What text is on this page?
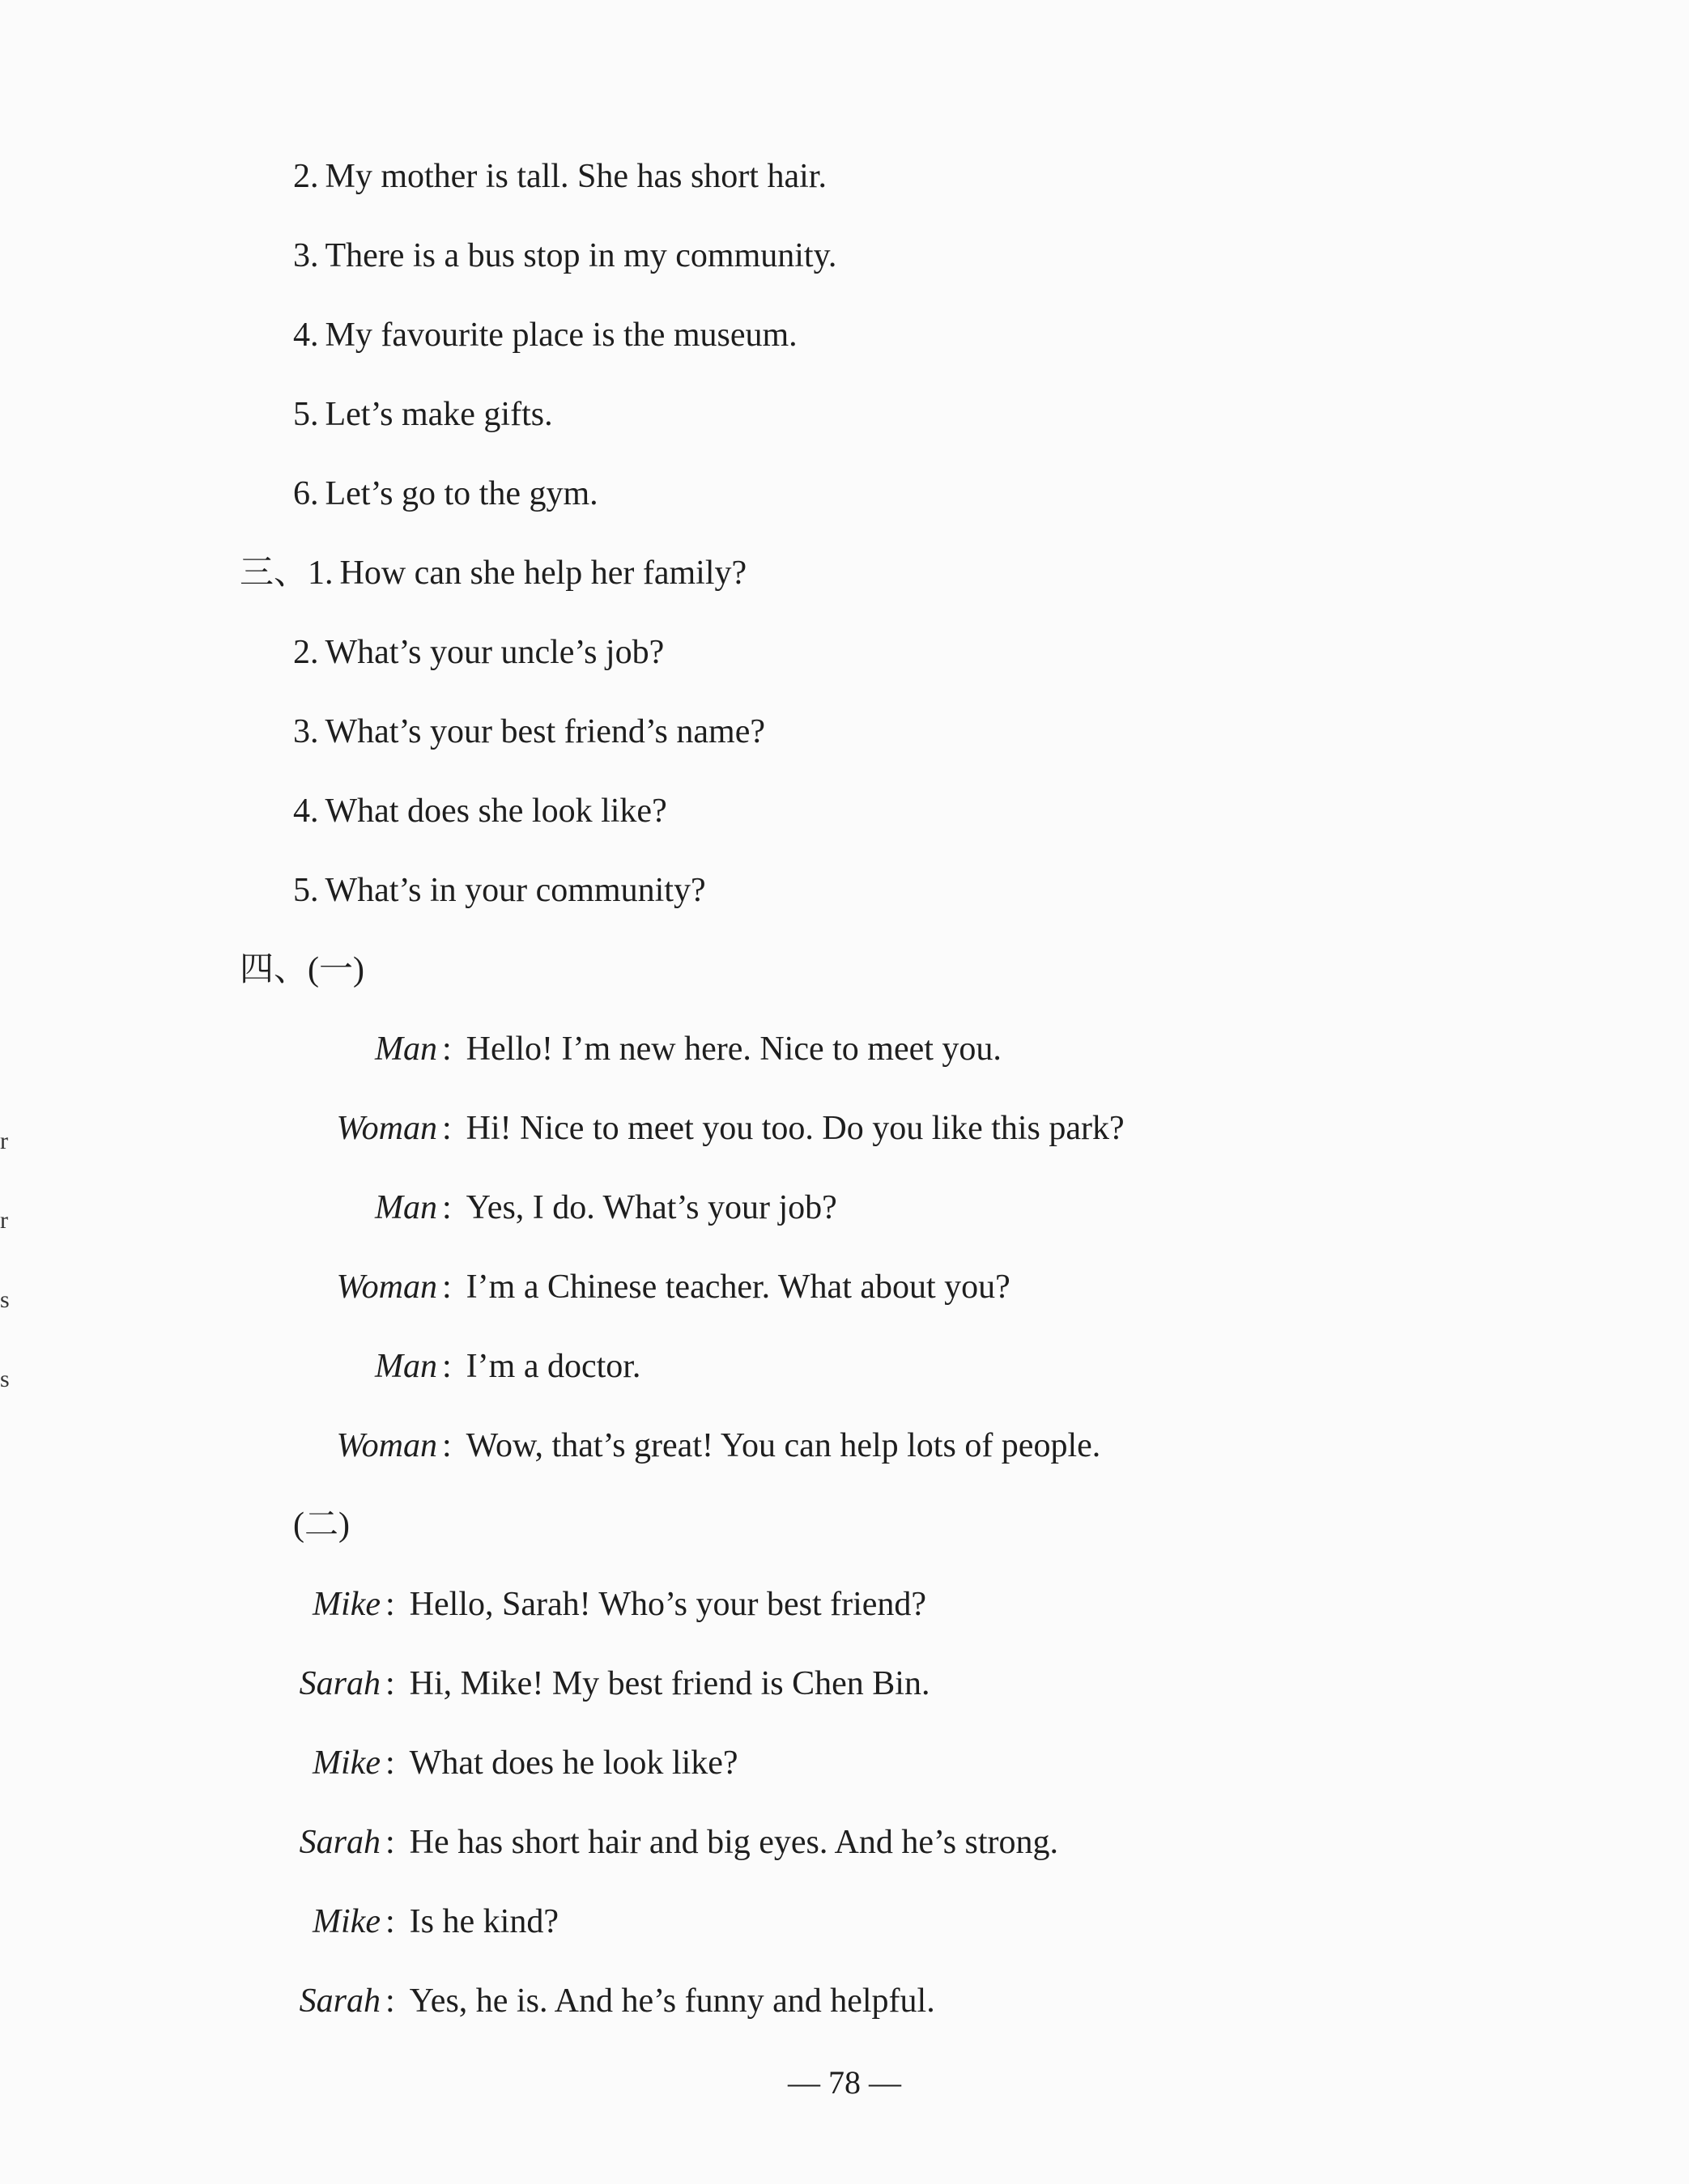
2. My mother is tall. She has short hair.
3. There is a bus stop in my community.
4. My favourite place is the museum.
5. Let’s make gifts.
6. Let’s go to the gym.
三、1. How can she help her family?
2. What’s your uncle’s job?
3. What’s your best friend’s name?
4. What does she look like?
5. What’s in your community?
四、(一)
Man : Hello! I’m new here. Nice to meet you.
Woman : Hi! Nice to meet you too. Do you like this park?
Man : Yes, I do. What’s your job?
Woman : I’m a Chinese teacher. What about you?
Man : I’m a doctor.
Woman : Wow, that’s great! You can help lots of people.
(二)
Mike : Hello, Sarah! Who’s your best friend?
Sarah : Hi, Mike! My best friend is Chen Bin.
Mike : What does he look like?
Sarah : He has short hair and big eyes. And he’s strong.
Mike : Is he kind?
Sarah : Yes, he is. And he’s funny and helpful.
r
r
s
s
— 78 —
